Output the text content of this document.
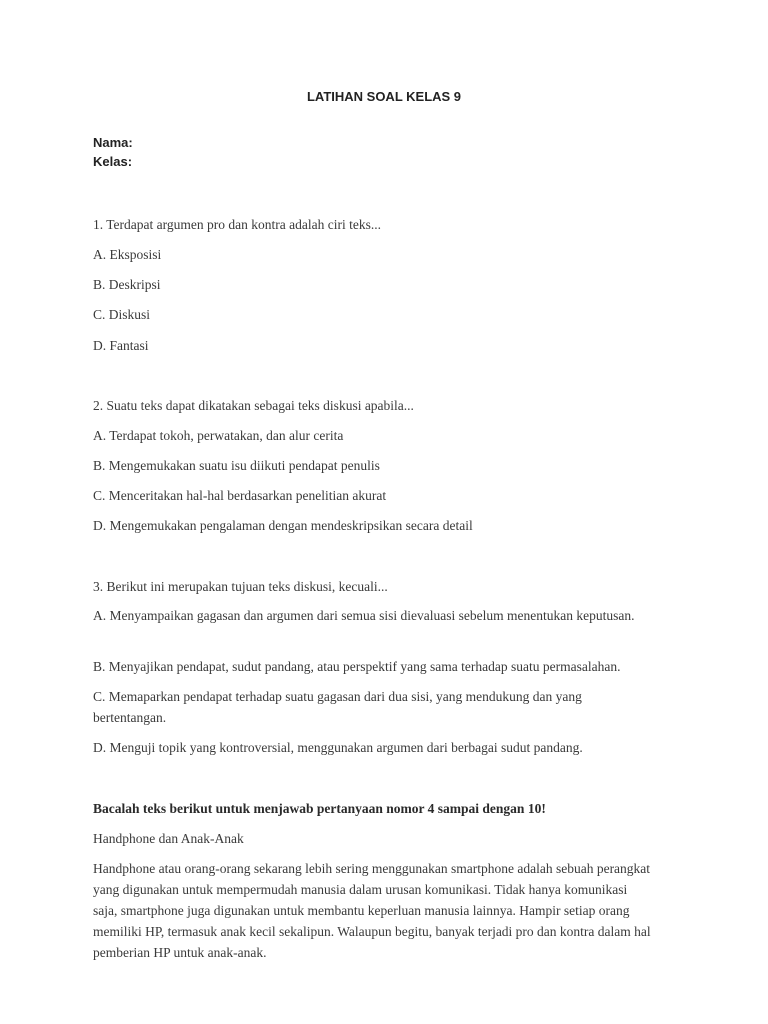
LATIHAN SOAL KELAS 9
Nama:
Kelas:
1. Terdapat argumen pro dan kontra adalah ciri teks...
A. Eksposisi
B. Deskripsi
C. Diskusi
D. Fantasi
2. Suatu teks dapat dikatakan sebagai teks diskusi apabila...
A. Terdapat tokoh, perwatakan, dan alur cerita
B. Mengemukakan suatu isu diikuti pendapat penulis
C. Menceritakan hal-hal berdasarkan penelitian akurat
D. Mengemukakan pengalaman dengan mendeskripsikan secara detail
3. Berikut ini merupakan tujuan teks diskusi, kecuali...
A. Menyampaikan gagasan dan argumen dari semua sisi dievaluasi sebelum menentukan keputusan.
B. Menyajikan pendapat, sudut pandang, atau perspektif yang sama terhadap suatu permasalahan.
C. Memaparkan pendapat terhadap suatu gagasan dari dua sisi, yang mendukung dan yang bertentangan.
D. Menguji topik yang kontroversial, menggunakan argumen dari berbagai sudut pandang.
Bacalah teks berikut untuk menjawab pertanyaan nomor 4 sampai dengan 10!
Handphone dan Anak-Anak
Handphone atau orang-orang sekarang lebih sering menggunakan smartphone adalah sebuah perangkat yang digunakan untuk mempermudah manusia dalam urusan komunikasi. Tidak hanya komunikasi saja, smartphone juga digunakan untuk membantu keperluan manusia lainnya. Hampir setiap orang memiliki HP, termasuk anak kecil sekalipun. Walaupun begitu, banyak terjadi pro dan kontra dalam hal pemberian HP untuk anak-anak.
